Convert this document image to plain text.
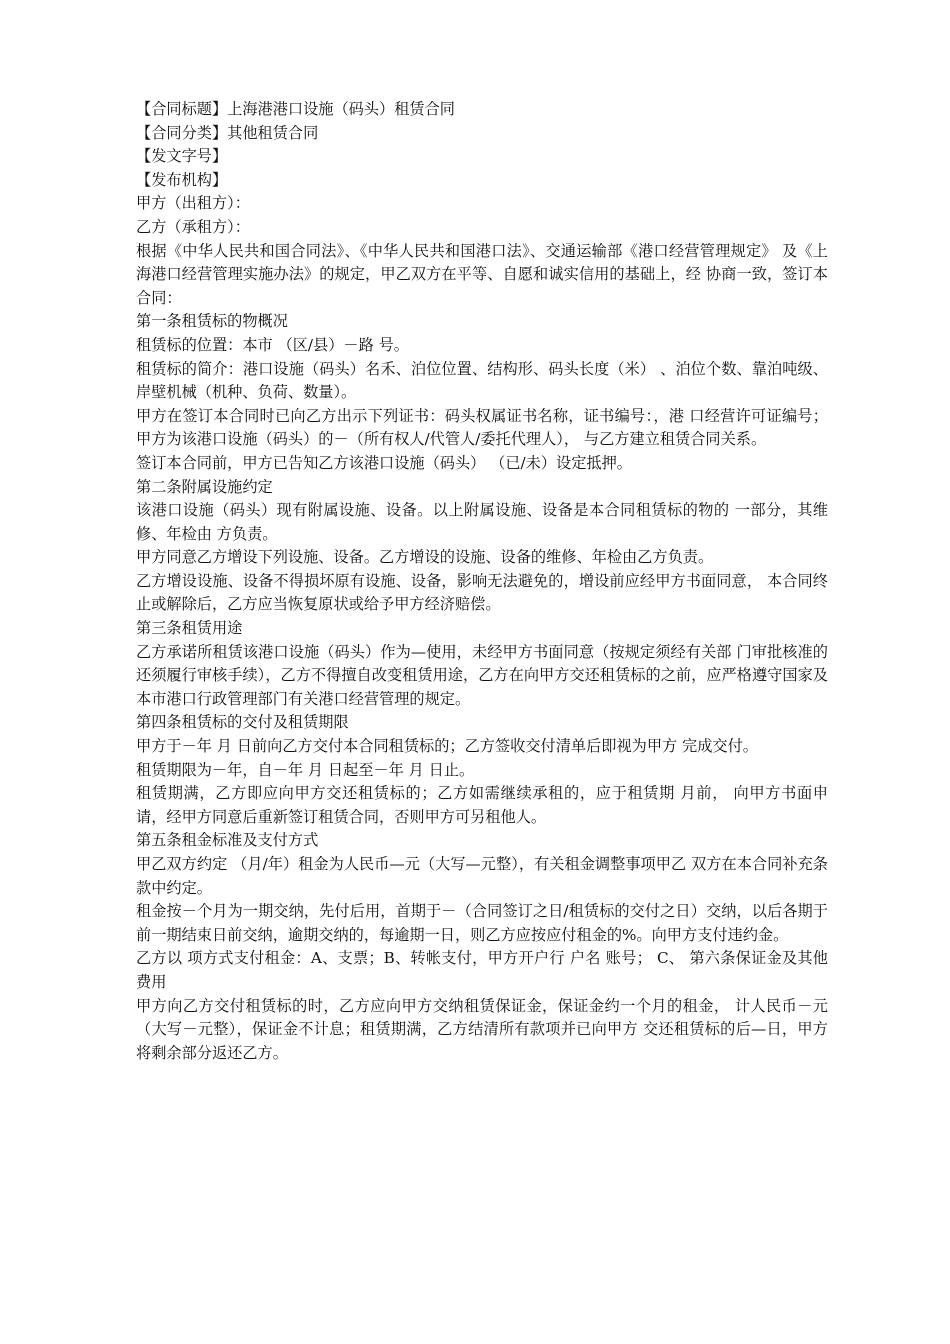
【合同标题】上海港港口设施（码头）租赁合同
【合同分类】其他租赁合同
【发文字号】
【发布机构】
甲方（出租方）：
乙方（承租方）：
根据《中华人民共和国合同法》、《中华人民共和国港口法》、交通运输部《港口经营管理规定》 及《上海港口经营管理实施办法》的规定，甲乙双方在平等、自愿和诚实信用的基础上，经 协商一致，签订本合同：
第一条租赁标的物概况
租赁标的位置：本市 （区/县）－路 号。
租赁标的简介：港口设施（码头）名禾、泊位位置、结构形、码头长度（米） 、泊位个数、靠泊吨级、岸壁机械（机种、负荷、数量）。
甲方在签订本合同时已向乙方出示下列证书：码头权属证书名称，证书编号：，港 口经营许可证编号；甲方为该港口设施（码头）的－（所有权人/代管人/委托代理人）， 与乙方建立租赁合同关系。
签订本合同前，甲方已告知乙方该港口设施（码头） （已/未）设定抵押。
第二条附属设施约定
该港口设施（码头）现有附属设施、设备。以上附属设施、设备是本合同租赁标的物的 一部分，其维修、年检由 方负责。
甲方同意乙方增设下列设施、设备。乙方增设的设施、设备的维修、年检由乙方负责。
乙方增设设施、设备不得损坏原有设施、设备，影响无法避免的，增设前应经甲方书面同意， 本合同终止或解除后，乙方应当恢复原状或给予甲方经济赔偿。
第三条租赁用途
乙方承诺所租赁该港口设施（码头）作为—使用，未经甲方书面同意（按规定须经有关部 门审批核准的还须履行审核手续），乙方不得擅自改变租赁用途，乙方在向甲方交还租赁标的之前，应严格遵守国家及本市港口行政管理部门有关港口经营管理的规定。
第四条租赁标的交付及租赁期限
甲方于－年 月 日前向乙方交付本合同租赁标的；乙方签收交付清单后即视为甲方 完成交付。
租赁期限为－年，自－年 月 日起至－年 月 日止。
租赁期满，乙方即应向甲方交还租赁标的；乙方如需继续承租的，应于租赁期 月前， 向甲方书面申请，经甲方同意后重新签订租赁合同，否则甲方可另租他人。
第五条租金标准及支付方式
甲乙双方约定 （月/年）租金为人民币—元（大写—元整），有关租金调整事项甲乙 双方在本合同补充条款中约定。
租金按－个月为一期交纳，先付后用，首期于－（合同签订之日/租赁标的交付之日）交纳，以后各期于前一期结束日前交纳，逾期交纳的，每逾期一日，则乙方应按应付租金的%。向甲方支付违约金。
乙方以 项方式支付租金：A、支票；B、转帐支付，甲方开户行 户名 账号； C、 第六条保证金及其他费用
甲方向乙方交付租赁标的时，乙方应向甲方交纳租赁保证金，保证金约一个月的租金， 计人民币－元（大写－元整），保证金不计息；租赁期满，乙方结清所有款项并已向甲方 交还租赁标的后—日，甲方将剩余部分返还乙方。
